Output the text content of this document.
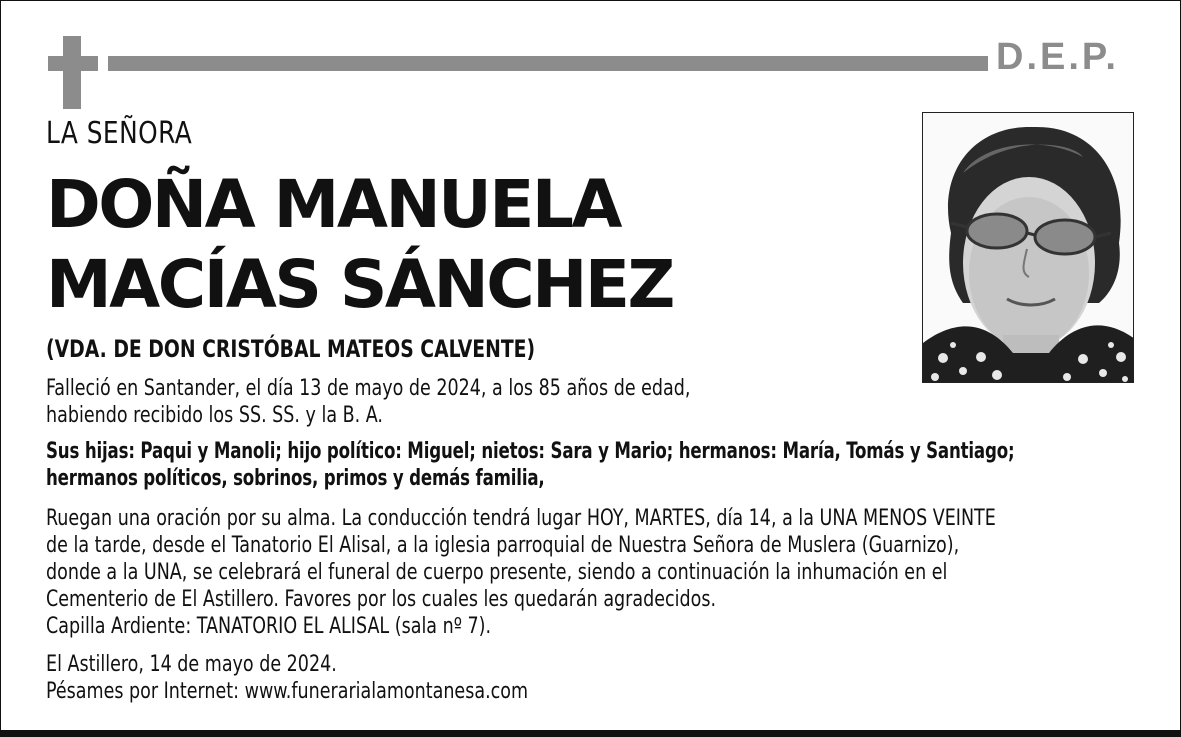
D.E.P.
LA SEÑORA
DOÑA MANUELA
MACÍAS SÁNCHEZ
(VDA. DE DON CRISTÓBAL MATEOS CALVENTE)
Falleció en Santander, el día 13 de mayo de 2024, a los 85 años de edad,
habiendo recibido los SS. SS. y la B. A.
Sus hijas: Paqui y Manoli; hijo político: Miguel; nietos: Sara y Mario; hermanos: María, Tomás y Santiago;
hermanos políticos, sobrinos, primos y demás familia,
Ruegan una oración por su alma. La conducción tendrá lugar HOY, MARTES, día 14, a la UNA MENOS VEINTE
de la tarde, desde el Tanatorio El Alisal, a la iglesia parroquial de Nuestra Señora de Muslera (Guarnizo),
donde a la UNA, se celebrará el funeral de cuerpo presente, siendo a continuación la inhumación en el
Cementerio de El Astillero. Favores por los cuales les quedarán agradecidos.
Capilla Ardiente: TANATORIO EL ALISAL (sala nº 7).
El Astillero, 14 de mayo de 2024.
Pésames por Internet: www.funerarialamontanesa.com
